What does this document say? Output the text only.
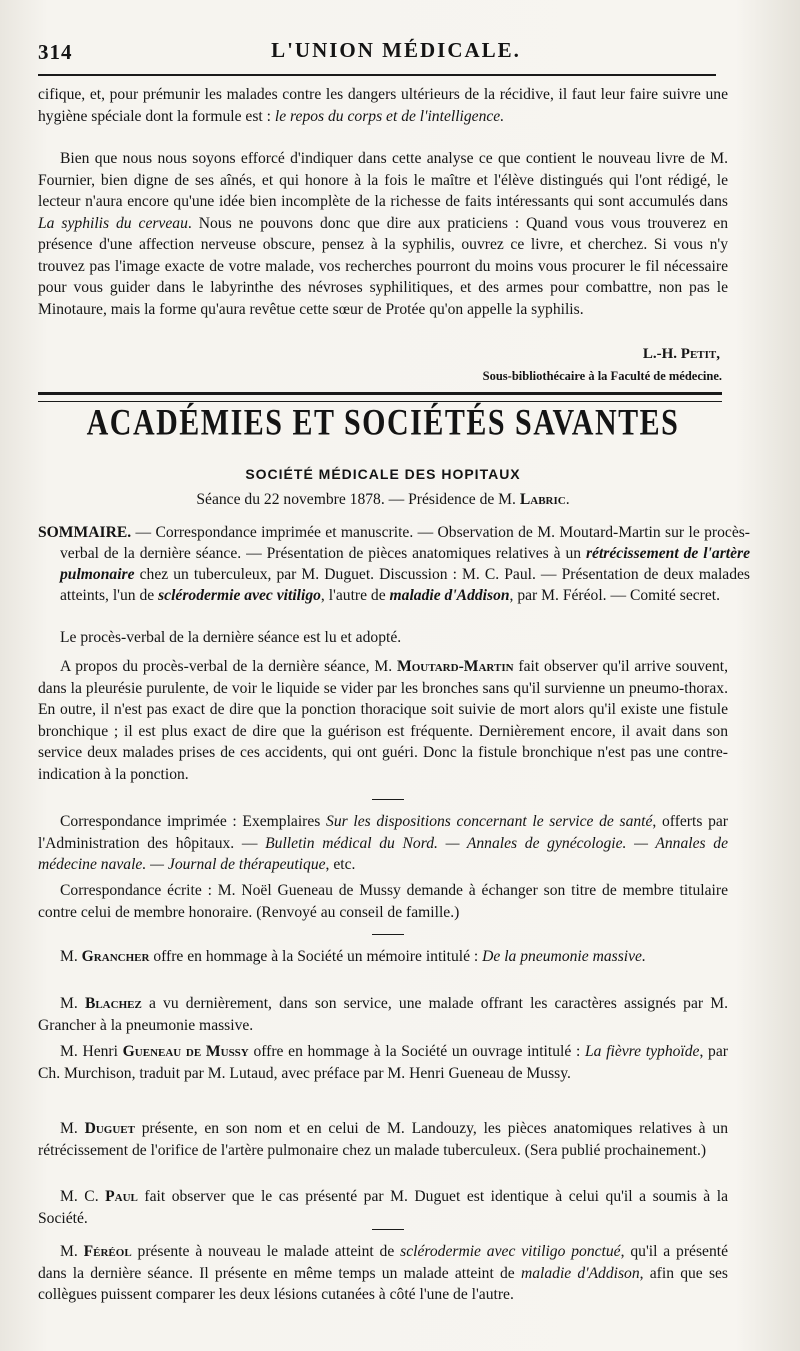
314	L'UNION MÉDICALE.

cifique, et, pour prémunir les malades contre les dangers ultérieurs de la récidive, il faut leur faire suivre une hygiène spéciale dont la formule est : le repos du corps et de l'intelligence.

Bien que nous nous soyons efforcé d'indiquer dans cette analyse ce que contient le nouveau livre de M. Fournier, bien digne de ses aînés, et qui honore à la fois le maître et l'élève distingués qui l'ont rédigé, le lecteur n'aura encore qu'une idée bien incomplète de la richesse de faits intéressants qui sont accumulés dans La syphilis du cerveau. Nous ne pouvons donc que dire aux praticiens : Quand vous vous trouverez en présence d'une affection nerveuse obscure, pensez à la syphilis, ouvrez ce livre, et cherchez. Si vous n'y trouvez pas l'image exacte de votre malade, vos recherches pourront du moins vous procurer le fil nécessaire pour vous guider dans le labyrinthe des névroses syphilitiques, et des armes pour combattre, non pas le Minotaure, mais la forme qu'aura revêtue cette sœur de Protée qu'on appelle la syphilis.

L.-H. Petit,
Sous-bibliothécaire à la Faculté de médecine.
ACADÉMIES ET SOCIÉTÉS SAVANTES
SOCIÉTÉ MÉDICALE DES HOPITAUX
Séance du 22 novembre 1878. — Présidence de M. Labric.

SOMMAIRE. — Correspondance imprimée et manuscrite. — Observation de M. Moutard-Martin sur le procès-verbal de la dernière séance. — Présentation de pièces anatomiques relatives à un rétrécissement de l'artère pulmonaire chez un tuberculeux, par M. Duguet. Discussion : M. C. Paul. — Présentation de deux malades atteints, l'un de sclérodermie avec vitiligo, l'autre de maladie d'Addison, par M. Féréol. — Comité secret.

Le procès-verbal de la dernière séance est lu et adopté.

A propos du procès-verbal de la dernière séance, M. Moutard-Martin fait observer qu'il arrive souvent, dans la pleurésie purulente, de voir le liquide se vider par les bronches sans qu'il survienne un pneumo-thorax. En outre, il n'est pas exact de dire que la ponction thoracique soit suivie de mort alors qu'il existe une fistule bronchique ; il est plus exact de dire que la guérison est fréquente. Dernièrement encore, il avait dans son service deux malades prises de ces accidents, qui ont guéri. Donc la fistule bronchique n'est pas une contre-indication à la ponction.

Correspondance imprimée : Exemplaires Sur les dispositions concernant le service de santé, offerts par l'Administration des hôpitaux. — Bulletin médical du Nord. — Annales de gynécologie. — Annales de médecine navale. — Journal de thérapeutique, etc.

Correspondance écrite : M. Noël Gueneau de Mussy demande à échanger son titre de membre titulaire contre celui de membre honoraire. (Renvoyé au conseil de famille.)

M. Grancher offre en hommage à la Société un mémoire intitulé : De la pneumonie massive.

M. Blachez a vu dernièrement, dans son service, une malade offrant les caractères assignés par M. Grancher à la pneumonie massive.

M. Henri Gueneau de Mussy offre en hommage à la Société un ouvrage intitulé : La fièvre typhoïde, par Ch. Murchison, traduit par M. Lutaud, avec préface par M. Henri Gueneau de Mussy.

M. Duguet présente, en son nom et en celui de M. Landouzy, les pièces anatomiques relatives à un rétrécissement de l'orifice de l'artère pulmonaire chez un malade tuberculeux. (Sera publié prochainement.)

M. C. Paul fait observer que le cas présenté par M. Duguet est identique à celui qu'il a soumis à la Société.

M. Féréol présente à nouveau le malade atteint de sclérodermie avec vitiligo ponctué, qu'il a présenté dans la dernière séance. Il présente en même temps un malade atteint de maladie d'Addison, afin que ses collègues puissent comparer les deux lésions cutanées à côté l'une de l'autre.
